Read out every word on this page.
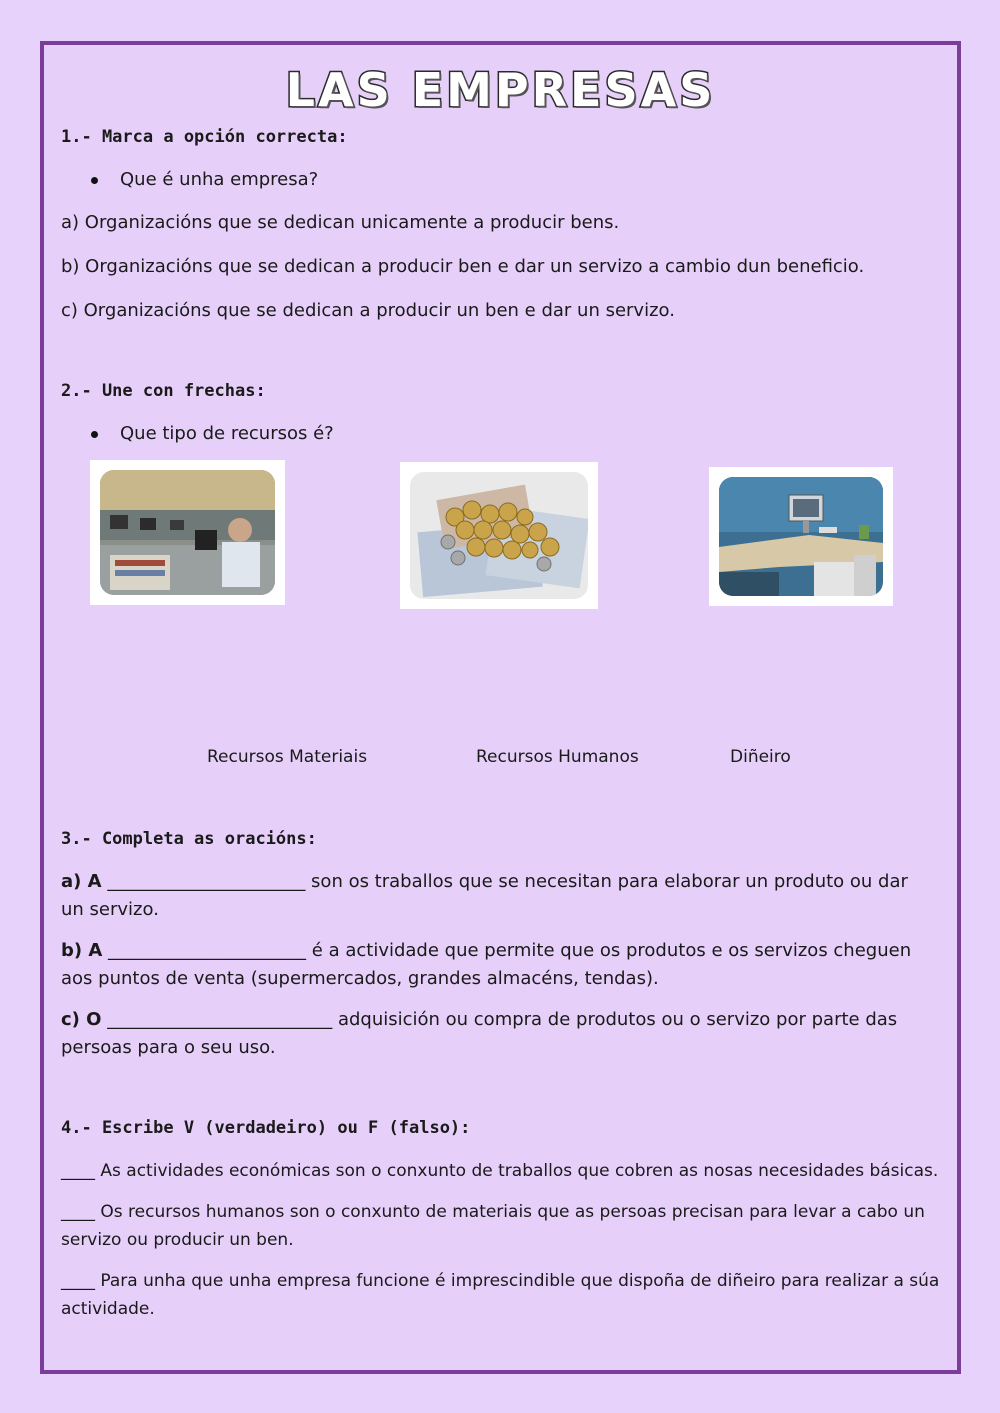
LAS EMPRESAS
1.- Marca a opción correcta:
Que é unha empresa?
a) Organizacións que se dedican unicamente a producir bens.
b) Organizacións que se dedican a producir ben e dar un servizo a cambio dun beneficio.
c) Organizacións que se dedican a producir un ben e dar un servizo.
2.- Une con frechas:
Que tipo de recursos é?
Recursos Materiais	Recursos Humanos	Diñeiro
3.- Completa as oracións:
a) A ______________________ son os traballos que se necesitan para elaborar un produto ou dar
un servizo.
b) A ______________________ é a actividade que permite que os produtos e os servizos cheguen
aos puntos de venta (supermercados, grandes almacéns, tendas).
c) O _________________________ adquisición ou compra de produtos ou o servizo por parte das
persoas para o seu uso.
4.- Escribe V (verdadeiro) ou F (falso):
____ As actividades económicas son o conxunto de traballos que cobren as nosas necesidades básicas.
____ Os recursos humanos son o conxunto de materiais que as persoas precisan para levar a cabo un
servizo ou producir un ben.
____ Para unha que unha empresa funcione é imprescindible que dispoña de diñeiro para realizar a súa
actividade.
